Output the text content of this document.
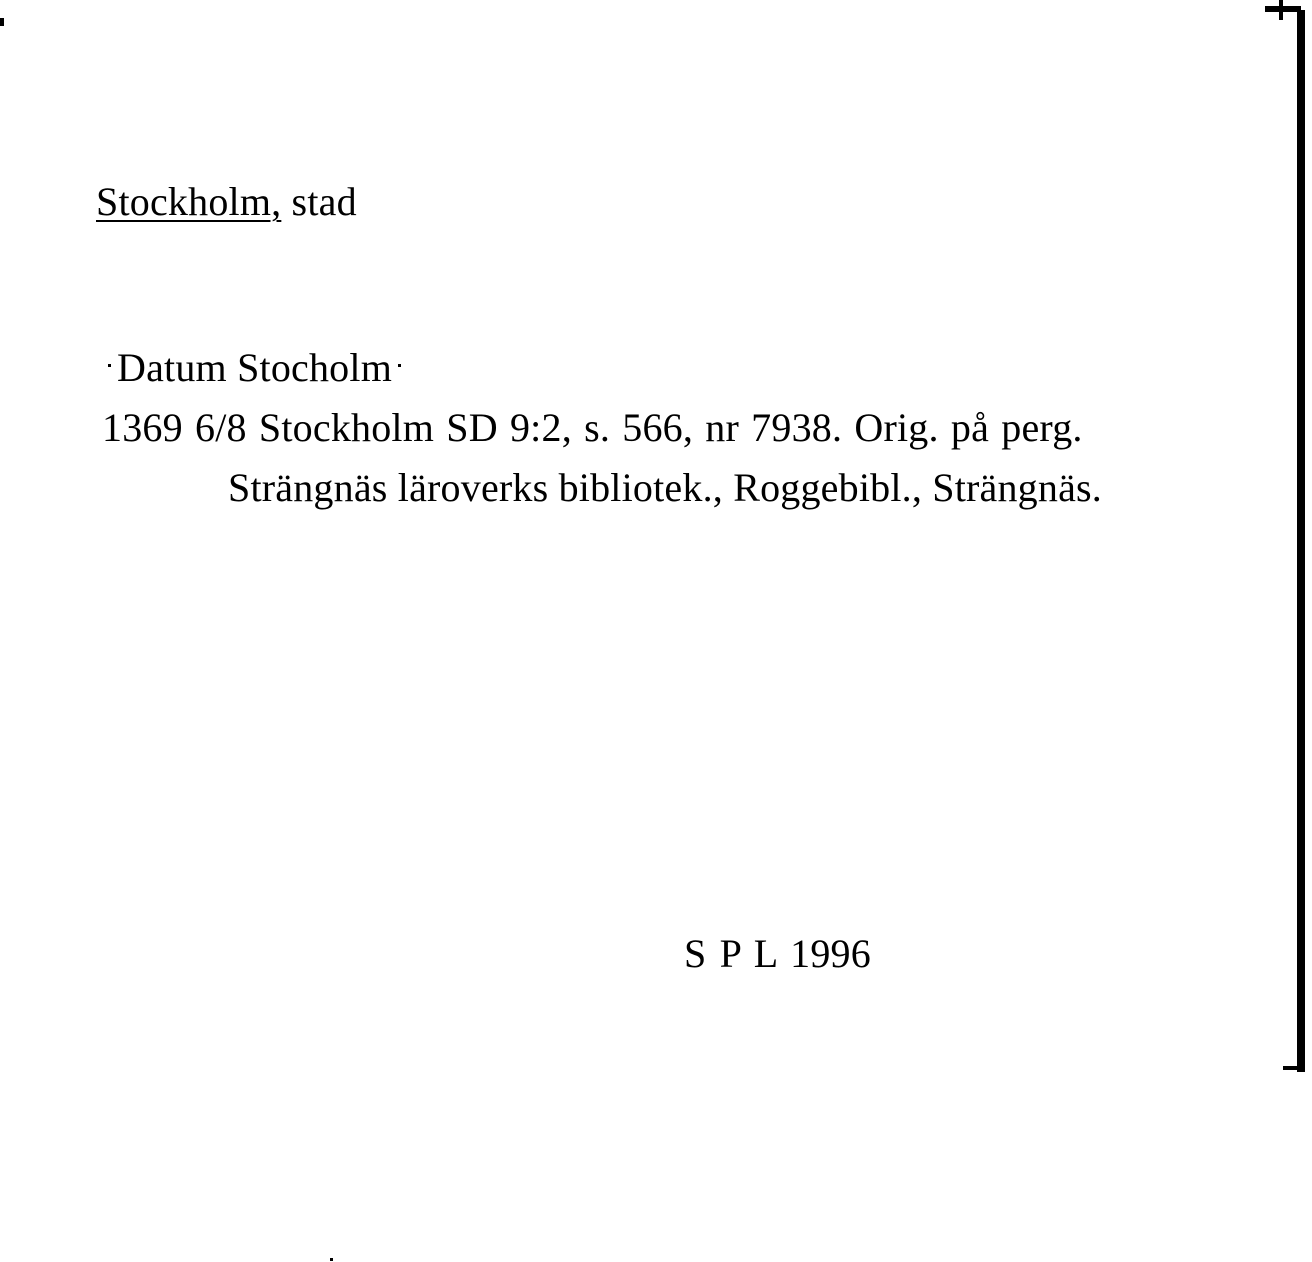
Stockholm, stad
Datum Stocholm
1369 6/8 Stockholm SD 9:2, s. 566, nr 7938. Orig. på perg.
Strängnäs läroverks bibliotek., Roggebibl., Strängnäs.
S P L 1996
